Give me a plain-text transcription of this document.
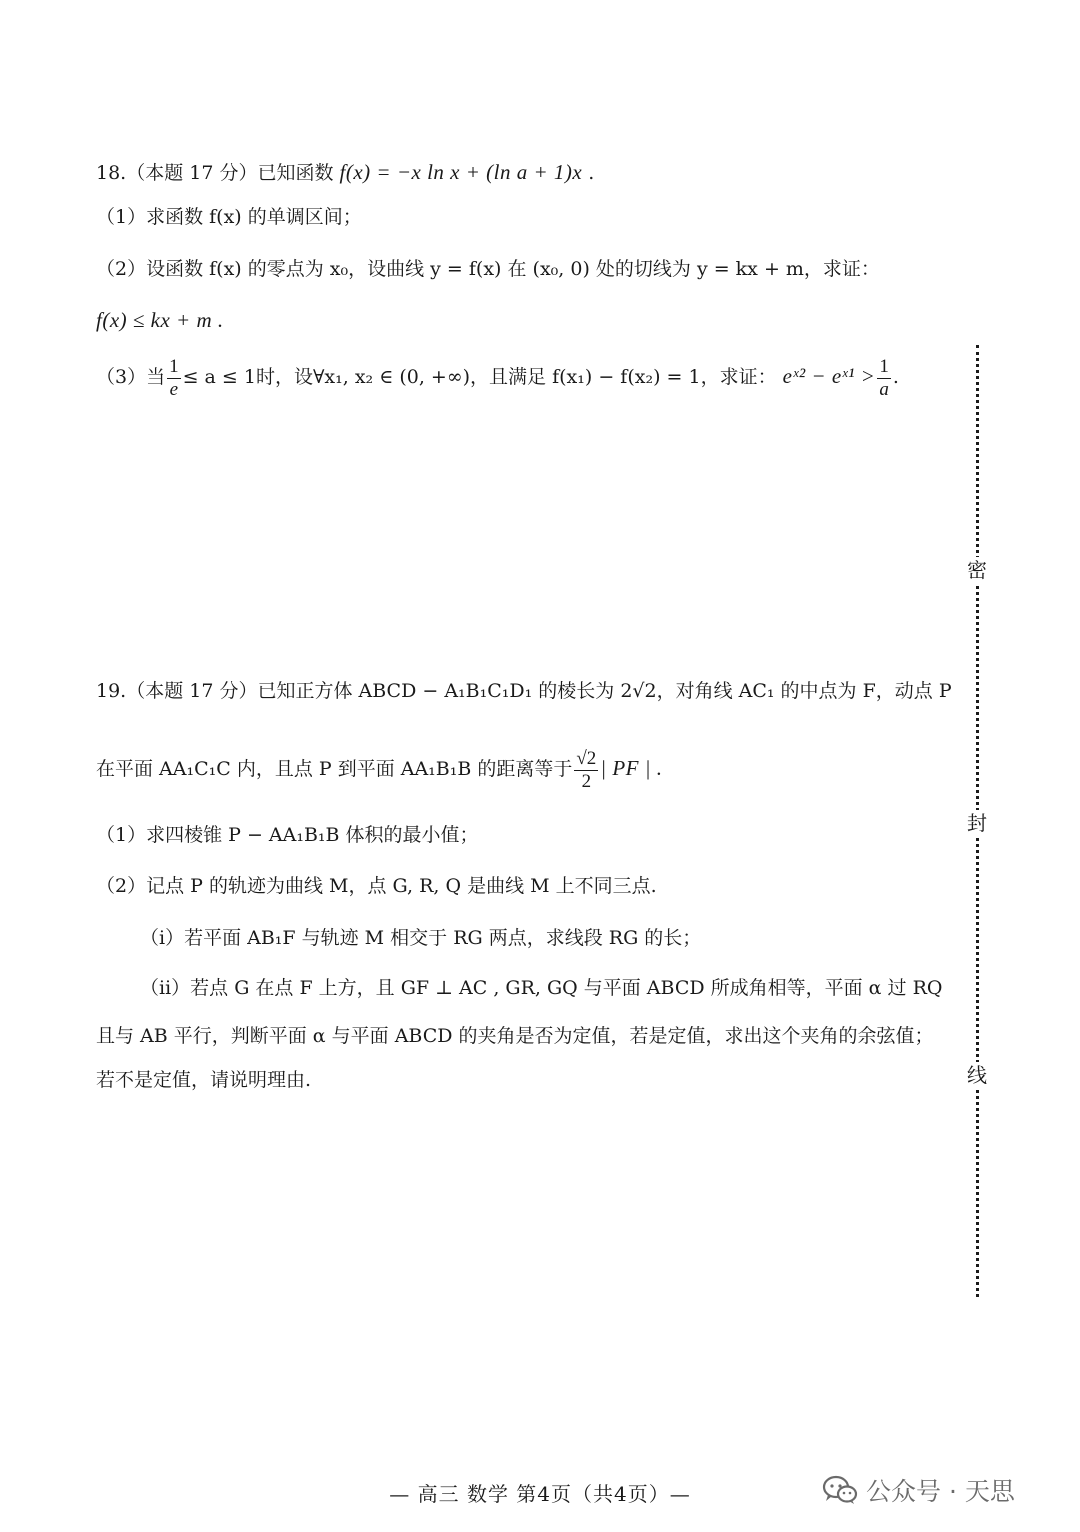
18.（本题 17 分）已知函数 f(x) = −x ln x + (ln a + 1)x .
（1）求函数 f(x) 的单调区间；
（2）设函数 f(x) 的零点为 x₀，设曲线 y = f(x) 在 (x₀, 0) 处的切线为 y = kx + m，求证：
f(x) ≤ kx + m .
（3）当 $\frac{1}{e} \le a \le 1$时，设∀x₁, x₂ ∈ (0, +∞)，且满足 f(x₁) − f(x₂) = 1，求证： eˣ² − eˣ¹ > $\frac{1}{a}$ .
19.（本题 17 分）已知正方体 ABCD − A₁B₁C₁D₁ 的棱长为 2√2，对角线 AC₁ 的中点为 F，动点 P
在平面 AA₁C₁C 内，且点 P 到平面 AA₁B₁B 的距离等于 $\frac{√2}{2}$ | PF | .
（1）求四棱锥 P − AA₁B₁B 体积的最小值；
（2）记点 P 的轨迹为曲线 M，点 G, R, Q 是曲线 M 上不同三点.
（ⅰ）若平面 AB₁F 与轨迹 M 相交于 RG 两点，求线段 RG 的长；
（ⅱ）若点 G 在点 F 上方，且 GF ⊥ AC , GR, GQ 与平面 ABCD 所成角相等，平面 α 过 RQ
且与 AB 平行，判断平面 α 与平面 ABCD 的夹角是否为定值，若是定值，求出这个夹角的余弦值；
若不是定值，请说明理由.
密
封
线
— 高三 数学 第4页（共4页）—	公众号 · 天思
